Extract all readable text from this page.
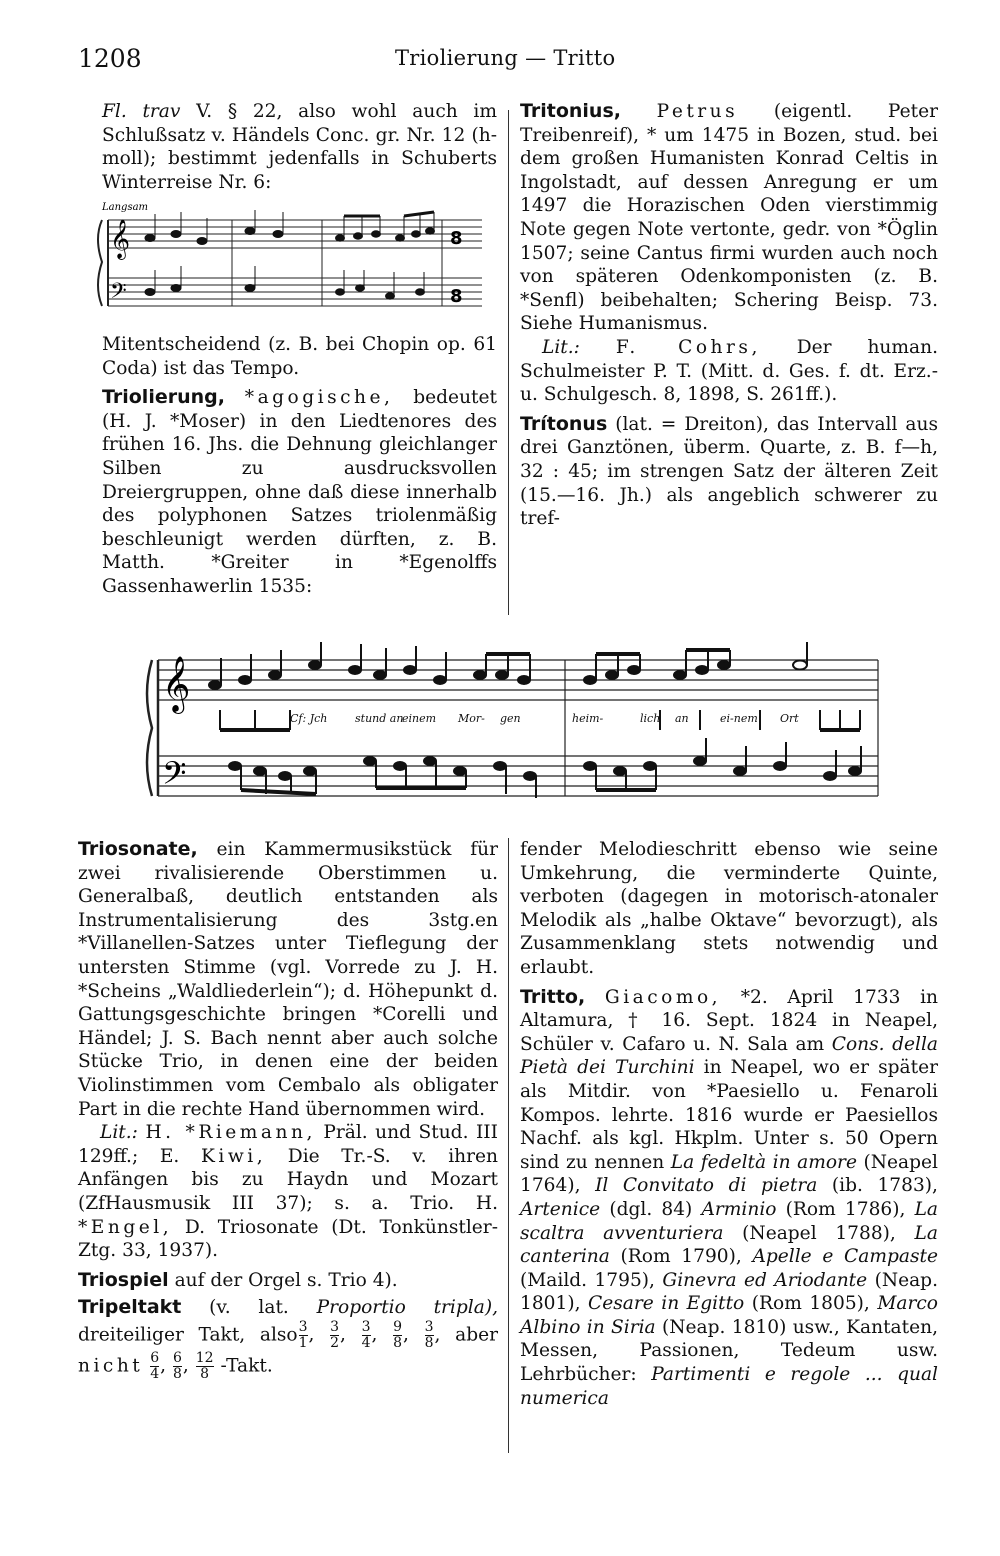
1208	Triolierung — Tritto

Fl. trav V. § 22, also wohl auch im Schlußsatz v. Händels Conc. gr. Nr. 12 (h-moll); bestimmt jedenfalls in Schuberts Winterreise Nr. 6:

Langsam
𝄞
𝄢
8
8

Mitentscheidend (z. B. bei Chopin op. 61 Coda) ist das Tempo.

Triolierung, *agogische, bedeutet (H. J. *Moser) in den Liedtenores des frühen 16. Jhs. die Dehnung gleichlanger Silben zu ausdrucksvollen Dreiergruppen, ohne daß diese innerhalb des polyphonen Satzes triolenmäßig beschleunigt werden dürften, z. B. Matth. *Greiter in *Egenolffs Gassenhawerlin 1535:

Tritonius, Petrus (eigentl. Peter Treibenreif), * um 1475 in Bozen, stud. bei dem großen Humanisten Konrad Celtis in Ingolstadt, auf dessen Anregung er um 1497 die Horazischen Oden vierstimmig Note gegen Note vertonte, gedr. von *Öglin 1507; seine Cantus firmi wurden auch noch von späteren Odenkomponisten (z. B. *Senfl) beibehalten; Schering Beisp. 73. Siehe Humanismus.

Lit.: F. Cohrs, Der human. Schulmeister P. T. (Mitt. d. Ges. f. dt. Erz.- u. Schulgesch. 8, 1898, S. 261ff.).

Trítonus (lat. = Dreiton), das Intervall aus drei Ganztönen, überm. Quarte, z. B. f—h, 32 : 45; im strengen Satz der älteren Zeit (15.—16. Jh.) als angeblich schwerer zu tref-

𝄞
𝄢
Cf: Jch	stund an
einem Mor- gen	heim-	lich an	ei-nem Ort

Triosonate, ein Kammermusikstück für zwei rivalisierende Oberstimmen u. Generalbaß, deutlich entstanden als Instrumentalisierung des 3stg.en *Villanellen-Satzes unter Tieflegung der untersten Stimme (vgl. Vorrede zu J. H. *Scheins „Waldliederlein“); d. Höhepunkt d. Gattungsgeschichte bringen *Corelli und Händel; J. S. Bach nennt aber auch solche Stücke Trio, in denen eine der beiden Violinstimmen vom Cembalo als obligater Part in die rechte Hand übernommen wird.

Lit.: H. *Riemann, Präl. und Stud. III 129ff.; E. Kiwi, Die Tr.-S. v. ihren Anfängen bis zu Haydn und Mozart (ZfHausmusik III 37); s. a. Trio. H. *Engel, D. Triosonate (Dt. Tonkünstler-Ztg. 33, 1937).

Triospiel auf der Orgel s. Trio 4).

Tripeltakt (v. lat. Proportio tripla), dreiteiliger Takt, also $\frac{3}{1}$ , $\frac{3}{2}$ , $\frac{3}{4}$ , $\frac{9}{8}$ , $\frac{3}{8}$ , aber nicht $\frac{6}{4}$ , $\frac{6}{8}$ , $\frac{12}{8}$ -Takt.

fender Melodieschritt ebenso wie seine Umkehrung, die verminderte Quinte, verboten (dagegen in motorisch-atonaler Melodik als „halbe Oktave“ bevorzugt), als Zusammenklang stets notwendig und erlaubt.

Tritto, Giacomo, *2. April 1733 in Altamura, † 16. Sept. 1824 in Neapel, Schüler v. Cafaro u. N. Sala am Cons. della Pietà dei Turchini in Neapel, wo er später als Mitdir. von *Paesiello u. Fenaroli Kompos. lehrte. 1816 wurde er Paesiellos Nachf. als kgl. Hkplm. Unter s. 50 Opern sind zu nennen La fedeltà in amore (Neapel 1764), Il Convitato di pietra (ib. 1783), Artenice (dgl. 84) Arminio (Rom 1786), La scaltra avventuriera (Neapel 1788), La canterina (Rom 1790), Apelle e Campaste (Maild. 1795), Ginevra ed Ariodante (Neap. 1801), Cesare in Egitto (Rom 1805), Marco Albino in Siria (Neap. 1810) usw., Kantaten, Messen, Passionen, Tedeum usw. Lehrbücher: Partimenti e regole ... qual numerica
